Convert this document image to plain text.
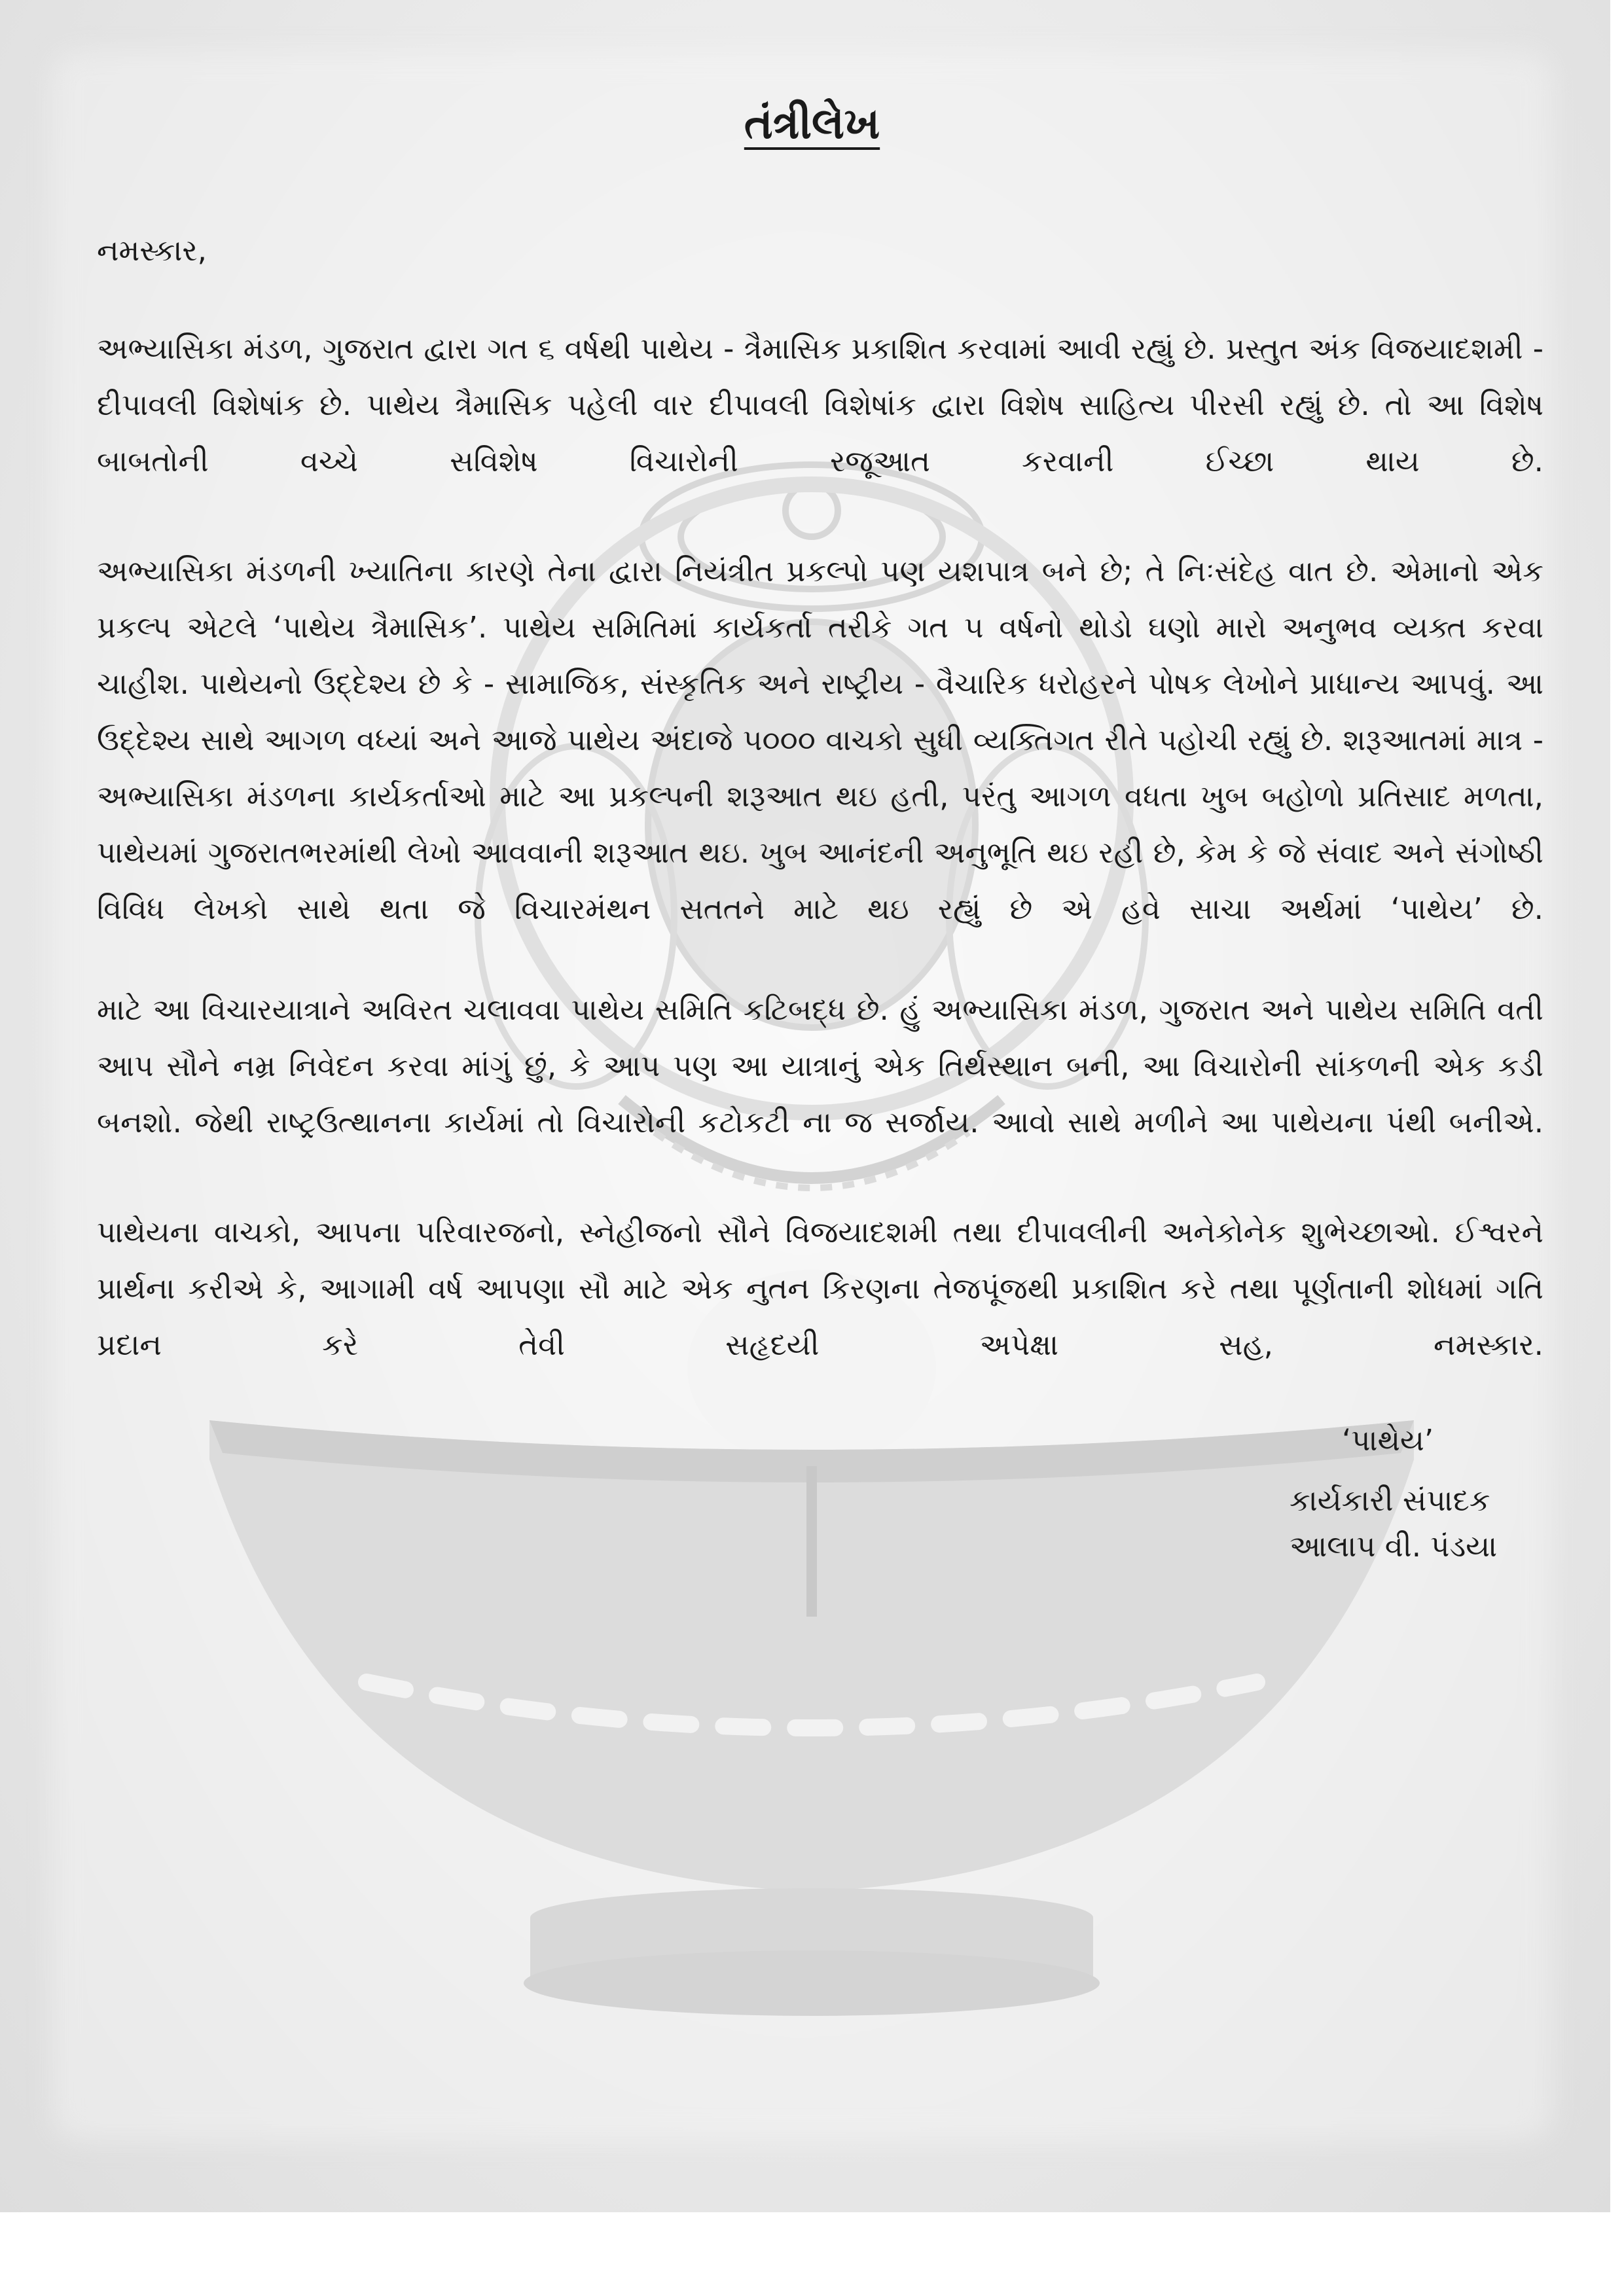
તંત્રીલેખ
નમસ્કાર,
અભ્યાસિકા મંડળ, ગુજરાત દ્વારા ગત ૬ વર્ષથી પાથેય - ત્રૈમાસિક પ્રકાશિત કરવામાં આવી રહ્યું છે. પ્રસ્તુત અંક વિજયાદશમી - દીપાવલી વિશેષાંક છે. પાથેય ત્રૈમાસિક પહેલી વાર દીપાવલી વિશેષાંક દ્વારા વિશેષ સાહિત્ય પીરસી રહ્યું છે. તો આ વિશેષ બાબતોની વચ્ચે સવિશેષ વિચારોની રજૂઆત કરવાની ઈચ્છા થાય છે.
અભ્યાસિકા મંડળની ખ્યાતિના કારણે તેના દ્વારા નિયંત્રીત પ્રકલ્પો પણ યશપાત્ર બને છે; તે નિઃસંદેહ વાત છે. એમાનો એક પ્રકલ્પ એટલે ‘પાથેય ત્રૈમાસિક’. પાથેય સમિતિમાં કાર્યકર્તા તરીકે ગત ૫ વર્ષનો થોડો ઘણો મારો અનુભવ વ્યક્ત કરવા ચાહીશ. પાથેયનો ઉદ્દેશ્ય છે કે - સામાજિક, સંસ્કૃતિક અને રાષ્ટ્રીય - વૈચારિક ધરોહરને પોષક લેખોને પ્રાધાન્ય આપવું. આ ઉદ્દેશ્ય સાથે આગળ વધ્યાં અને આજે પાથેય અંદાજે ૫૦૦૦ વાચકો સુધી વ્યક્તિગત રીતે પહોચી રહ્યું છે. શરૂઆતમાં માત્ર - અભ્યાસિકા મંડળના કાર્યકર્તાઓ માટે આ પ્રકલ્પની શરૂઆત થઇ હતી, પરંતુ આગળ વધતા ખુબ બહોળો પ્રતિસાદ મળતા, પાથેયમાં ગુજરાતભરમાંથી લેખો આવવાની શરૂઆત થઇ. ખુબ આનંદની અનુભૂતિ થઇ રહી છે, કેમ કે જે સંવાદ અને સંગોષ્ઠી વિવિધ લેખકો સાથે થતા જે વિચારમંથન સતતને માટે થઇ રહ્યું છે એ હવે સાચા અર્થમાં ‘પાથેય’ છે.
માટે આ વિચારયાત્રાને અવિરત ચલાવવા પાથેય સમિતિ કટિબદ્ધ છે. હું અભ્યાસિકા મંડળ, ગુજરાત અને પાથેય સમિતિ વતી આપ સૌને નમ્ર નિવેદન કરવા માંગું છું, કે આપ પણ આ યાત્રાનું એક તિર્થસ્થાન બની, આ વિચારોની સાંકળની એક કડી બનશો. જેથી રાષ્ટ્રઉત્થાનના કાર્યમાં તો વિચારોની કટોકટી ના જ સર્જાય. આવો સાથે મળીને આ પાથેયના પંથી બનીએ.
પાથેયના વાચકો, આપના પરિવારજનો, સ્નેહીજનો સૌને વિજયાદશમી તથા દીપાવલીની અનેકોનેક શુભેચ્છાઓ. ઈશ્વરને પ્રાર્થના કરીએ કે, આગામી વર્ષ આપણા સૌ માટે એક નુતન કિરણના તેજપૂંજથી પ્રકાશિત કરે તથા પૂર્ણતાની શોધમાં ગતિ પ્રદાન કરે તેવી સહૃદયી અપેક્ષા સહ, નમસ્કાર.
‘પાથેય’
કાર્યકારી સંપાદક
આલાપ વી. પંડયા
